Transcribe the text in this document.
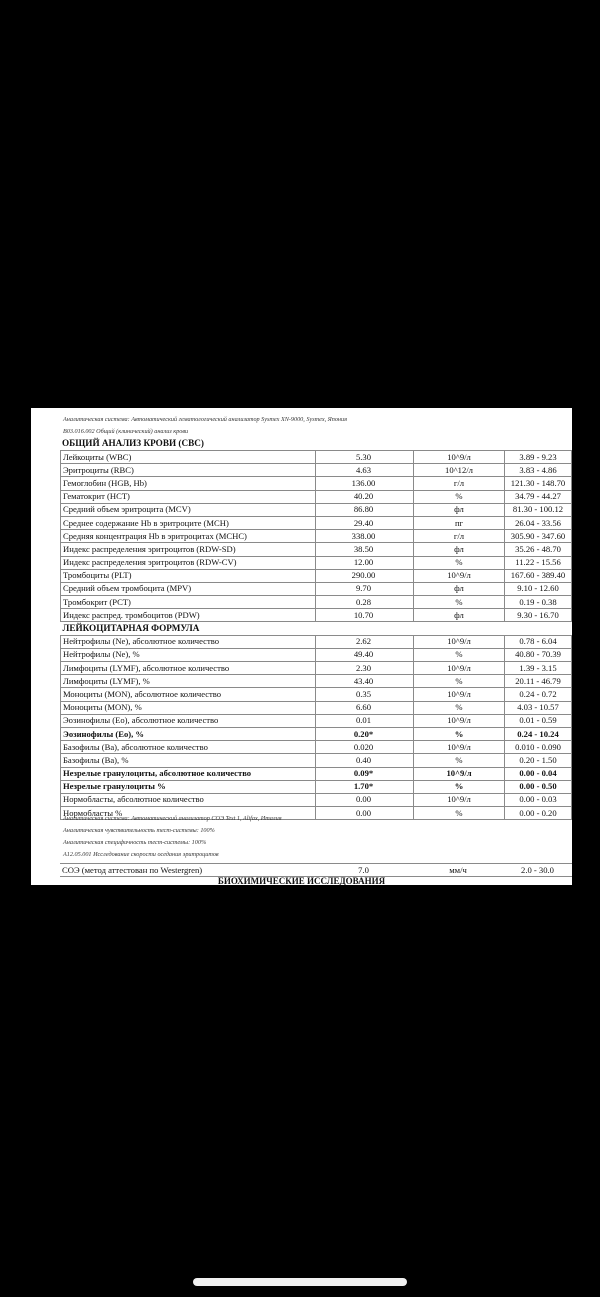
Аналитическая система: Автоматический гематологический анализатор Sysmex XN-9000, Sysmex, Япония
B03.016.002 Общий (клинический) анализ крови
ОБЩИЙ АНАЛИЗ КРОВИ (CBC)
Лейкоциты (WBC)	5.30	10^9/л	3.89 - 9.23
Эритроциты (RBC)	4.63	10^12/л	3.83 - 4.86
Гемоглобин (HGB, Hb)	136.00	г/л	121.30 - 148.70
Гематокрит (HCT)	40.20	%	34.79 - 44.27
Средний объем эритроцита (MCV)	86.80	фл	81.30 - 100.12
Среднее содержание Hb в эритроците (MCH)	29.40	пг	26.04 - 33.56
Средняя концентрация Hb в эритроцитах (MCHC)	338.00	г/л	305.90 - 347.60
Индекс распределения эритроцитов (RDW-SD)	38.50	фл	35.26 - 48.70
Индекс распределения эритроцитов (RDW-CV)	12.00	%	11.22 - 15.56
Тромбоциты (PLT)	290.00	10^9/л	167.60 - 389.40
Средний объем тромбоцита (MPV)	9.70	фл	9.10 - 12.60
Тромбокрит (PCT)	0.28	%	0.19 - 0.38
Индекс распред. тромбоцитов (PDW)	10.70	фл	9.30 - 16.70
ЛЕЙКОЦИТАРНАЯ ФОРМУЛА			
Нейтрофилы (Ne), абсолютное количество	2.62	10^9/л	0.78 - 6.04
Нейтрофилы (Ne), %	49.40	%	40.80 - 70.39
Лимфоциты (LYMF), абсолютное количество	2.30	10^9/л	1.39 - 3.15
Лимфоциты (LYMF), %	43.40	%	20.11 - 46.79
Моноциты (MON), абсолютное количество	0.35	10^9/л	0.24 - 0.72
Моноциты (MON), %	6.60	%	4.03 - 10.57
Эозинофилы (Eo), абсолютное количество	0.01	10^9/л	0.01 - 0.59
Эозинофилы (Eo), %	0.20*	%	0.24 - 10.24
Базофилы (Ba), абсолютное количество	0.020	10^9/л	0.010 - 0.090
Базофилы (Ba), %	0.40	%	0.20 - 1.50
Незрелые гранулоциты, абсолютное количество	0.09*	10^9/л	0.00 - 0.04
Незрелые гранулоциты %	1.70*	%	0.00 - 0.50
Нормобласты, абсолютное количество	0.00	10^9/л	0.00 - 0.03
Нормобласты %	0.00	%	0.00 - 0.20
Аналитическая система: Автоматический анализатор СОЭ Test 1, Alifax, Италия
Аналитическая чувствительность тест-системы: 100%
Аналитическая специфичность тест-системы: 100%
A12.05.001 Исследование скорости оседания эритроцитов
СОЭ (метод аттестован по Westergren)	7.0	мм/ч	2.0 - 30.0
БИОХИМИЧЕСКИЕ ИССЛЕДОВАНИЯ
